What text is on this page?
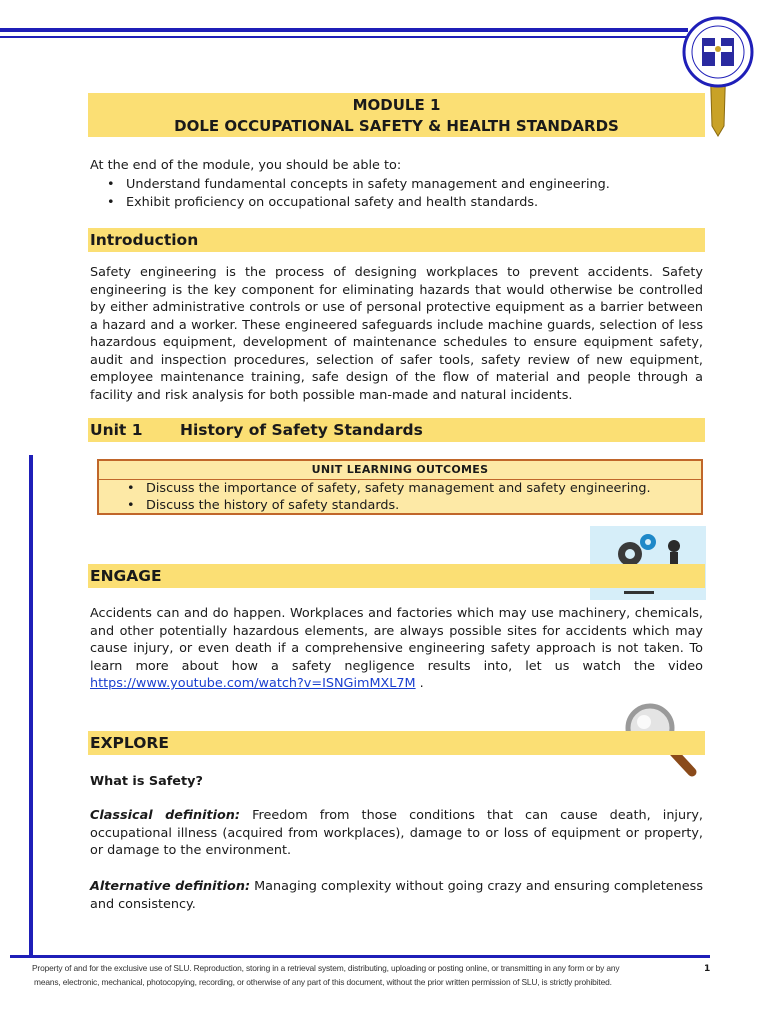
MODULE 1
DOLE OCCUPATIONAL SAFETY & HEALTH STANDARDS
At the end of the module, you should be able to:
• Understand fundamental concepts in safety management and engineering.
• Exhibit proficiency on occupational safety and health standards.
Introduction
Safety engineering is the process of designing workplaces to prevent accidents. Safety engineering is the key component for eliminating hazards that would otherwise be controlled by either administrative controls or use of personal protective equipment as a barrier between a hazard and a worker. These engineered safeguards include machine guards, selection of less hazardous equipment, development of maintenance schedules to ensure equipment safety, audit and inspection procedures, selection of safer tools, safety review of new equipment, employee maintenance training, safe design of the flow of material and people through a facility and risk analysis for both possible man-made and natural incidents.
Unit 1 History of Safety Standards
UNIT LEARNING OUTCOMES
• Discuss the importance of safety, safety management and safety engineering.
• Discuss the history of safety standards.
ENGAGE
Accidents can and do happen. Workplaces and factories which may use machinery, chemicals, and other potentially hazardous elements, are always possible sites for accidents which may cause injury, or even death if a comprehensive engineering safety approach is not taken. To learn more about how a safety negligence results into, let us watch the video https://www.youtube.com/watch?v=ISNGimMXL7M .
EXPLORE
What is Safety?
Classical definition: Freedom from those conditions that can cause death, injury, occupational illness (acquired from workplaces), damage to or loss of equipment or property, or damage to the environment.
Alternative definition: Managing complexity without going crazy and ensuring completeness and consistency.
Property of and for the exclusive use of SLU. Reproduction, storing in a retrieval system, distributing, uploading or posting online, or transmitting in any form or by any
means, electronic, mechanical, photocopying, recording, or otherwise of any part of this document, without the prior written permission of SLU, is strictly prohibited.
1
